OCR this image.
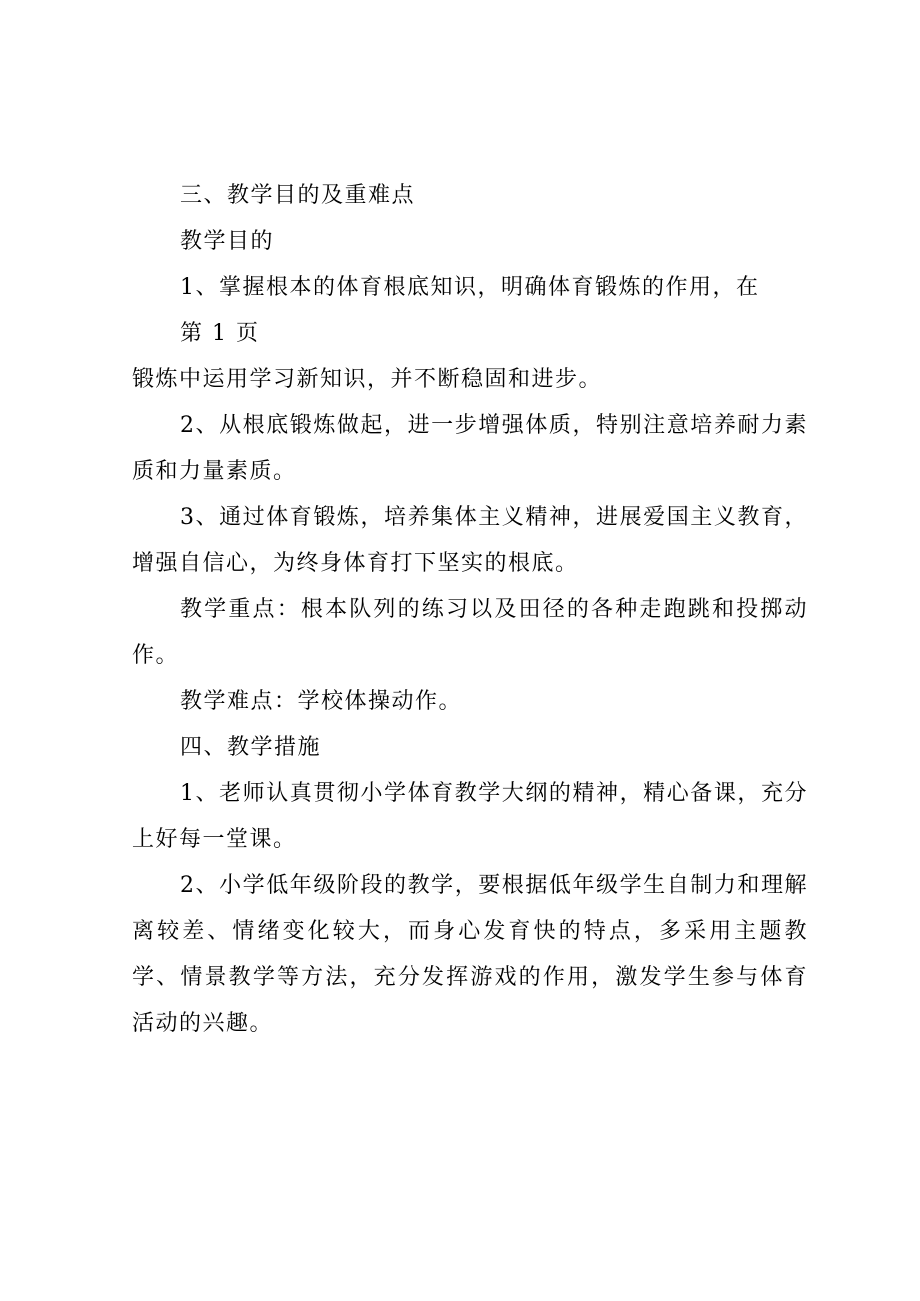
三、教学目的及重难点

教学目的

1、掌握根本的体育根底知识，明确体育锻炼的作用，在

第 1 页

锻炼中运用学习新知识，并不断稳固和进步。

2、从根底锻炼做起，进一步增强体质，特别注意培养耐力素质和力量素质。

3、通过体育锻炼，培养集体主义精神，进展爱国主义教育，增强自信心，为终身体育打下坚实的根底。

教学重点：根本队列的练习以及田径的各种走跑跳和投掷动作。

教学难点：学校体操动作。

四、教学措施

1、老师认真贯彻小学体育教学大纲的精神，精心备课，充分上好每一堂课。

2、小学低年级阶段的教学，要根据低年级学生自制力和理解离较差、情绪变化较大，而身心发育快的特点，多采用主题教学、情景教学等方法，充分发挥游戏的作用，激发学生参与体育活动的兴趣。
